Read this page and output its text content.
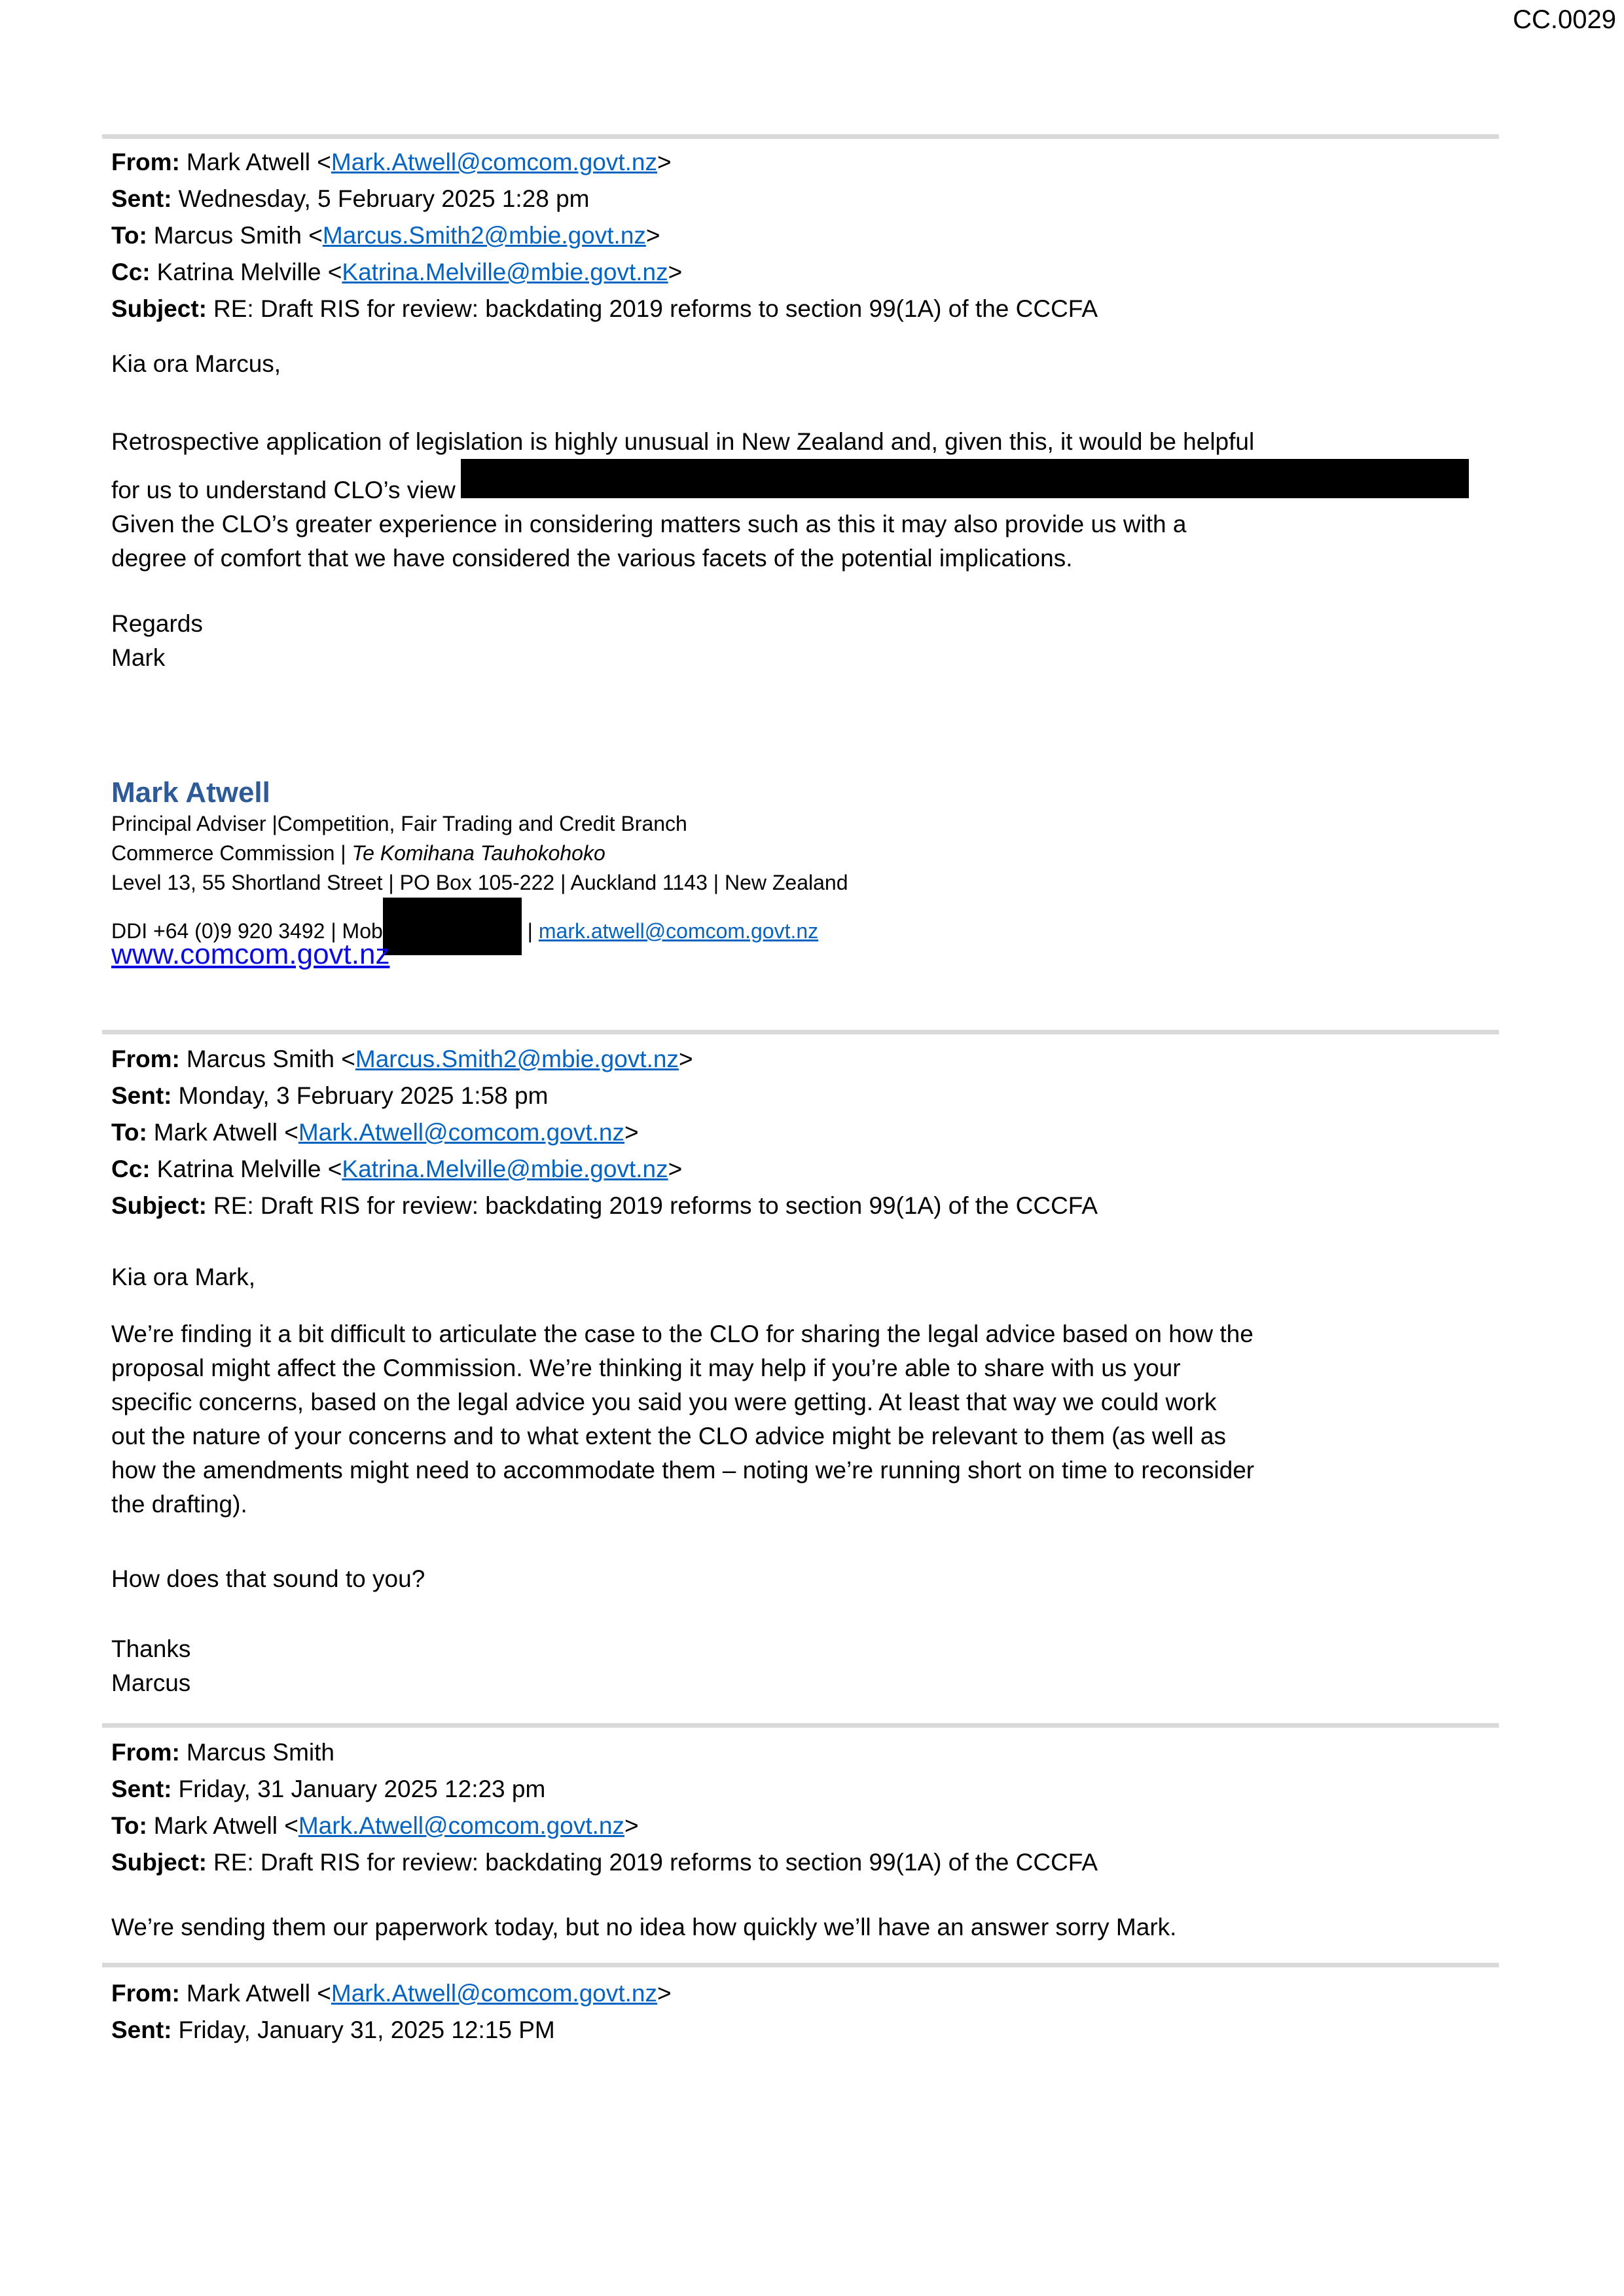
CC.0029
From: Mark Atwell <Mark.Atwell@comcom.govt.nz>
Sent: Wednesday, 5 February 2025 1:28 pm
To: Marcus Smith <Marcus.Smith2@mbie.govt.nz>
Cc: Katrina Melville <Katrina.Melville@mbie.govt.nz>
Subject: RE: Draft RIS for review: backdating 2019 reforms to section 99(1A) of the CCCFA
Kia ora Marcus,
Retrospective application of legislation is highly unusual in New Zealand and, given this, it would be helpful
for us to understand CLO’s view
Given the CLO’s greater experience in considering matters such as this it may also provide us with a
degree of comfort that we have considered the various facets of the potential implications.
Regards
Mark
Mark Atwell
Principal Adviser |Competition, Fair Trading and Credit Branch
Commerce Commission | Te Komihana Tauhokohoko
Level 13, 55 Shortland Street | PO Box 105-222 | Auckland 1143 | New Zealand
DDI +64 (0)9 920 3492 | Mob	| mark.atwell@comcom.govt.nz
www.comcom.govt.nz
From: Marcus Smith <Marcus.Smith2@mbie.govt.nz>
Sent: Monday, 3 February 2025 1:58 pm
To: Mark Atwell <Mark.Atwell@comcom.govt.nz>
Cc: Katrina Melville <Katrina.Melville@mbie.govt.nz>
Subject: RE: Draft RIS for review: backdating 2019 reforms to section 99(1A) of the CCCFA
Kia ora Mark,
We’re finding it a bit difficult to articulate the case to the CLO for sharing the legal advice based on how the
proposal might affect the Commission. We’re thinking it may help if you’re able to share with us your
specific concerns, based on the legal advice you said you were getting. At least that way we could work
out the nature of your concerns and to what extent the CLO advice might be relevant to them (as well as
how the amendments might need to accommodate them – noting we’re running short on time to reconsider
the drafting).
How does that sound to you?
Thanks
Marcus
From: Marcus Smith
Sent: Friday, 31 January 2025 12:23 pm
To: Mark Atwell <Mark.Atwell@comcom.govt.nz>
Subject: RE: Draft RIS for review: backdating 2019 reforms to section 99(1A) of the CCCFA
We’re sending them our paperwork today, but no idea how quickly we’ll have an answer sorry Mark.
From: Mark Atwell <Mark.Atwell@comcom.govt.nz>
Sent: Friday, January 31, 2025 12:15 PM
